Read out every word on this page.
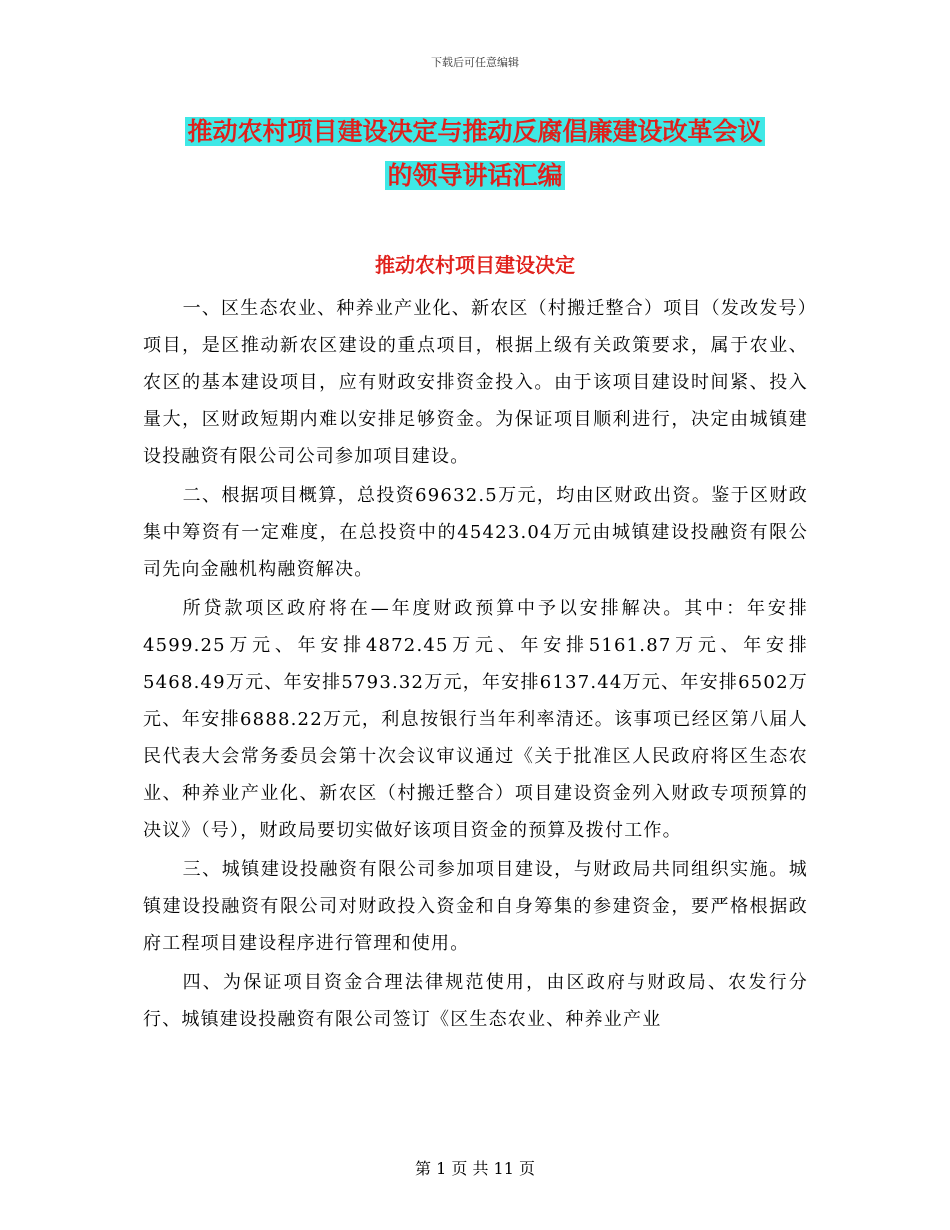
下载后可任意编辑
推动农村项目建设决定与推动反腐倡廉建设改革会议
的领导讲话汇编
推动农村项目建设决定

一、区生态农业、种养业产业化、新农区（村搬迁整合）项目（发改发号）项目，是区推动新农区建设的重点项目，根据上级有关政策要求，属于农业、农区的基本建设项目，应有财政安排资金投入。由于该项目建设时间紧、投入量大，区财政短期内难以安排足够资金。为保证项目顺利进行，决定由城镇建设投融资有限公司公司参加项目建设。

二、根据项目概算，总投资69632.5万元，均由区财政出资。鉴于区财政集中筹资有一定难度，在总投资中的45423.04万元由城镇建设投融资有限公司先向金融机构融资解决。

所贷款项区政府将在—年度财政预算中予以安排解决。其中：年安排4599.25万元、年安排4872.45万元、年安排5161.87万元、年安排5468.49万元、年安排5793.32万元，年安排6137.44万元、年安排6502万元、年安排6888.22万元，利息按银行当年利率清还。该事项已经区第八届人民代表大会常务委员会第十次会议审议通过《关于批准区人民政府将区生态农业、种养业产业化、新农区（村搬迁整合）项目建设资金列入财政专项预算的决议》（号），财政局要切实做好该项目资金的预算及拨付工作。

三、城镇建设投融资有限公司参加项目建设，与财政局共同组织实施。城镇建设投融资有限公司对财政投入资金和自身筹集的参建资金，要严格根据政府工程项目建设程序进行管理和使用。

四、为保证项目资金合理法律规范使用，由区政府与财政局、农发行分行、城镇建设投融资有限公司签订《区生态农业、种养业产业

第 1 页 共 11 页
